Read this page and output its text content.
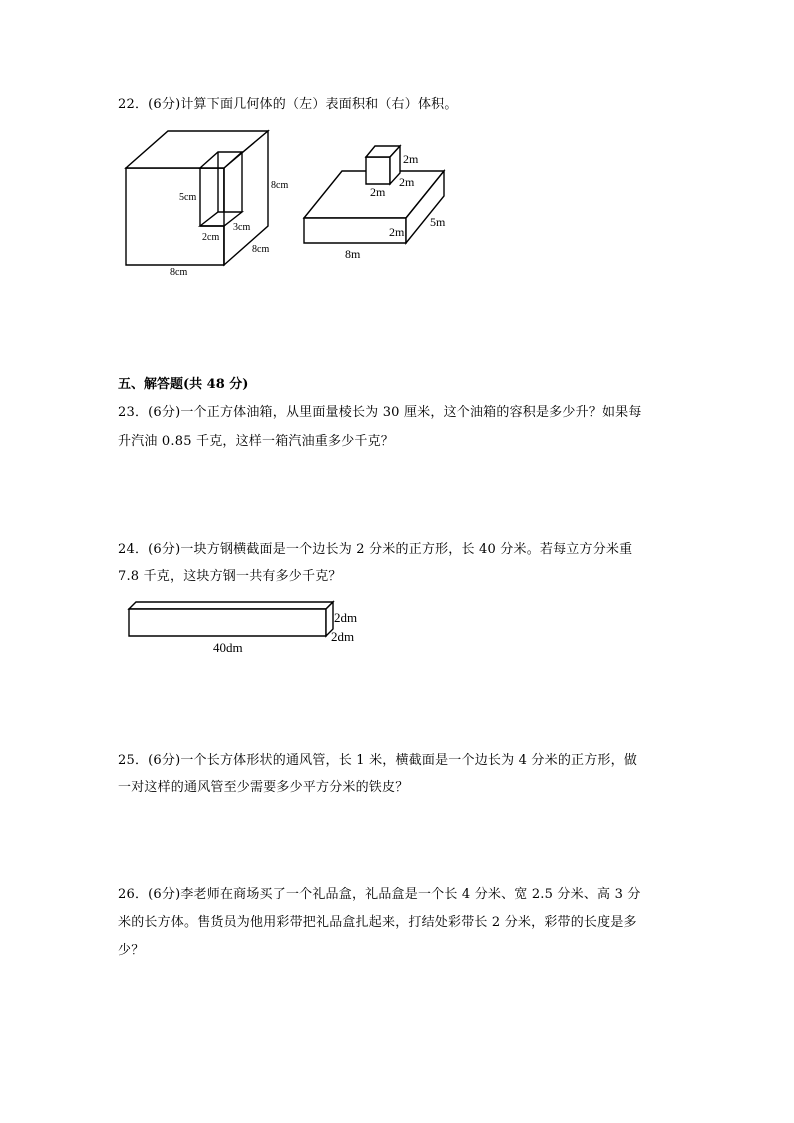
22．(6分)计算下面几何体的（左）表面积和（右）体积。
5cm
8cm
2cm
3cm
8cm
8cm
2m
2m
2m
2m
5m
8m
五、解答题(共 48 分)
23．(6分)一个正方体油箱，从里面量棱长为 30 厘米，这个油箱的容积是多少升？如果每
升汽油 0.85 千克，这样一箱汽油重多少千克？
24．(6分)一块方钢横截面是一个边长为 2 分米的正方形，长 40 分米。若每立方分米重
7.8 千克，这块方钢一共有多少千克？
2dm
2dm
40dm
25．(6分)一个长方体形状的通风管，长 1 米，横截面是一个边长为 4 分米的正方形，做
一对这样的通风管至少需要多少平方分米的铁皮？
26．(6分)李老师在商场买了一个礼品盒，礼品盒是一个长 4 分米、宽 2.5 分米、高 3 分
米的长方体。售货员为他用彩带把礼品盒扎起来，打结处彩带长 2 分米，彩带的长度是多
少？
